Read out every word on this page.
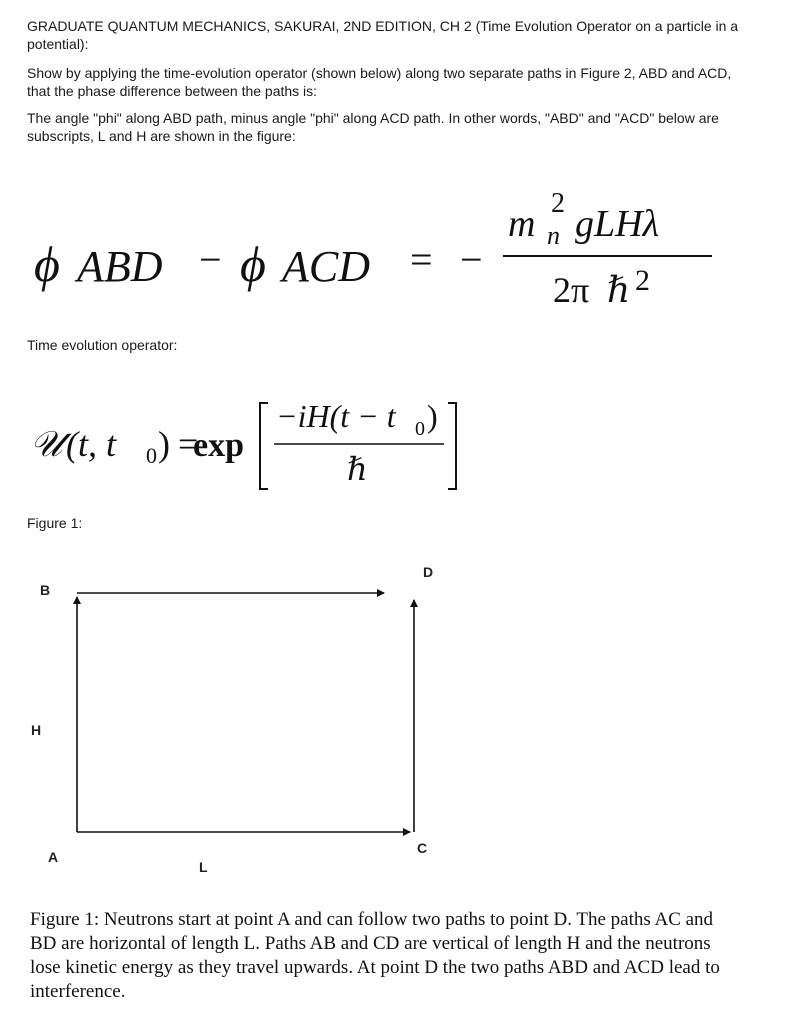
GRADUATE QUANTUM MECHANICS, SAKURAI, 2ND EDITION, CH 2 (Time Evolution Operator on a particle in a potential):
Show by applying the time-evolution operator (shown below) along two separate paths in Figure 2, ABD and ACD, that the phase difference between the paths is:
The angle "phi" along ABD path, minus angle "phi" along ACD path. In other words, "ABD" and "ACD" below are subscripts, L and H are shown in the figure:
ϕ ABD − ϕ ACD = −
m 2
n gLHλ
2π ℏ 2
Time evolution operator:
𝒰 (t, t 0 ) =
exp
−iH(t − t 0 )
ℏ
Figure 1:
B
D
H
A
C
L
Figure 1: Neutrons start at point A and can follow two paths to point D. The paths AC and BD are horizontal of length L. Paths AB and CD are vertical of length H and the neutrons lose kinetic energy as they travel upwards. At point D the two paths ABD and ACD lead to interference.
